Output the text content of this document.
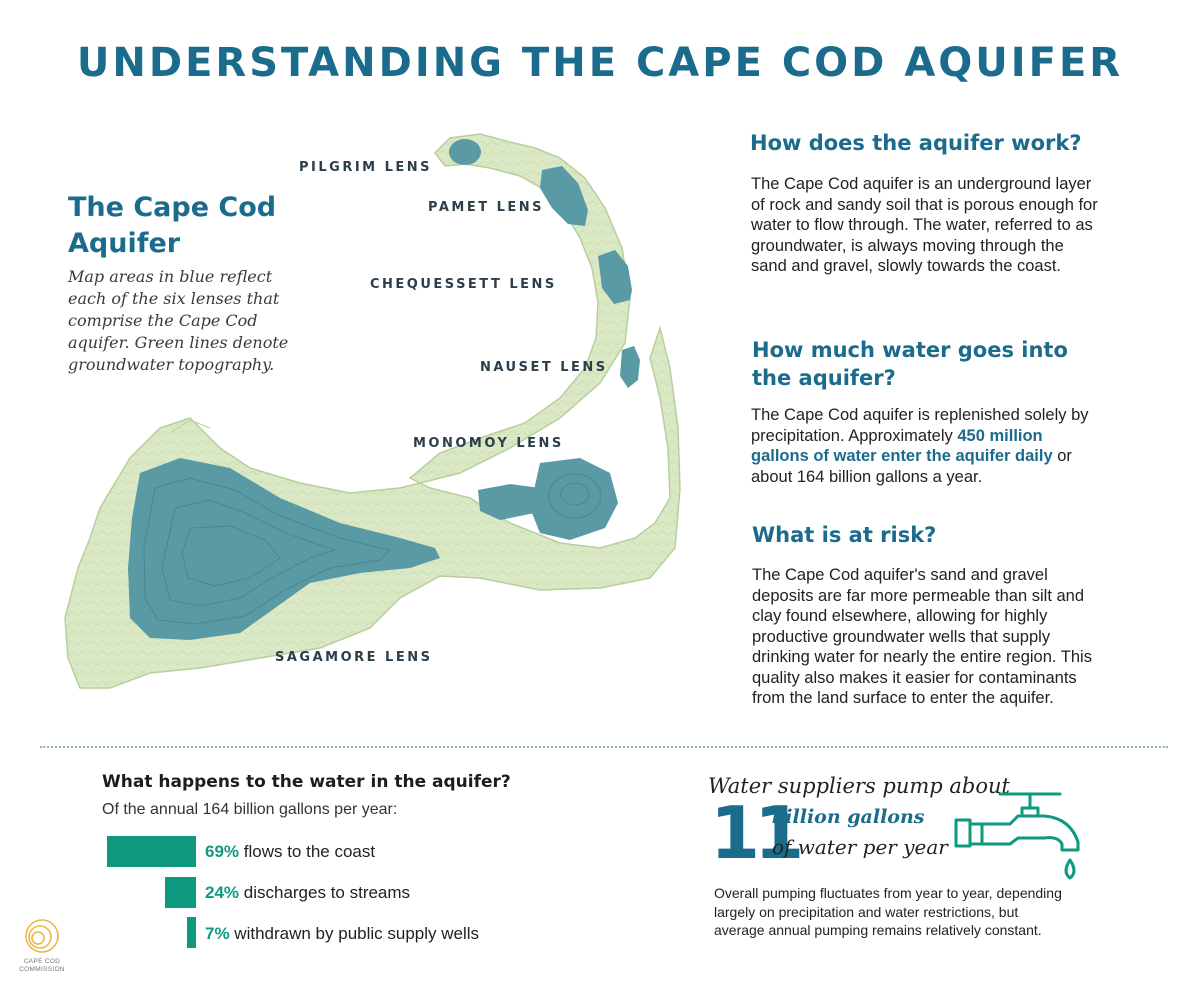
UNDERSTANDING THE CAPE COD AQUIFER
PILGRIM LENS
PAMET LENS
CHEQUESSETT LENS
NAUSET LENS
MONOMOY LENS
SAGAMORE LENS
The Cape Cod Aquifer

Map areas in blue reflect each of the six lenses that comprise the Cape Cod aquifer. Green lines denote groundwater topography.

How does the aquifer work?

The Cape Cod aquifer is an underground layer of rock and sandy soil that is porous enough for water to flow through. The water, referred to as groundwater, is always moving through the sand and gravel, slowly towards the coast.

How much water goes into the aquifer?

The Cape Cod aquifer is replenished solely by precipitation. Approximately 450 million gallons of water enter the aquifer daily or about 164 billion gallons a year.

What is at risk?

The Cape Cod aquifer's sand and gravel deposits are far more permeable than silt and clay found elsewhere, allowing for highly productive groundwater wells that supply drinking water for nearly the entire region. This quality also makes it easier for contaminants from the land surface to enter the aquifer.

What happens to the water in the aquifer?
Of the annual 164 billion gallons per year:
69% flows to the coast
24% discharges to streams
7% withdrawn by public supply wells
Water suppliers pump about
11
billion gallons
of water per year

Overall pumping fluctuates from year to year, depending largely on precipitation and water restrictions, but average annual pumping remains relatively constant.

CAPE COD COMMISSION
